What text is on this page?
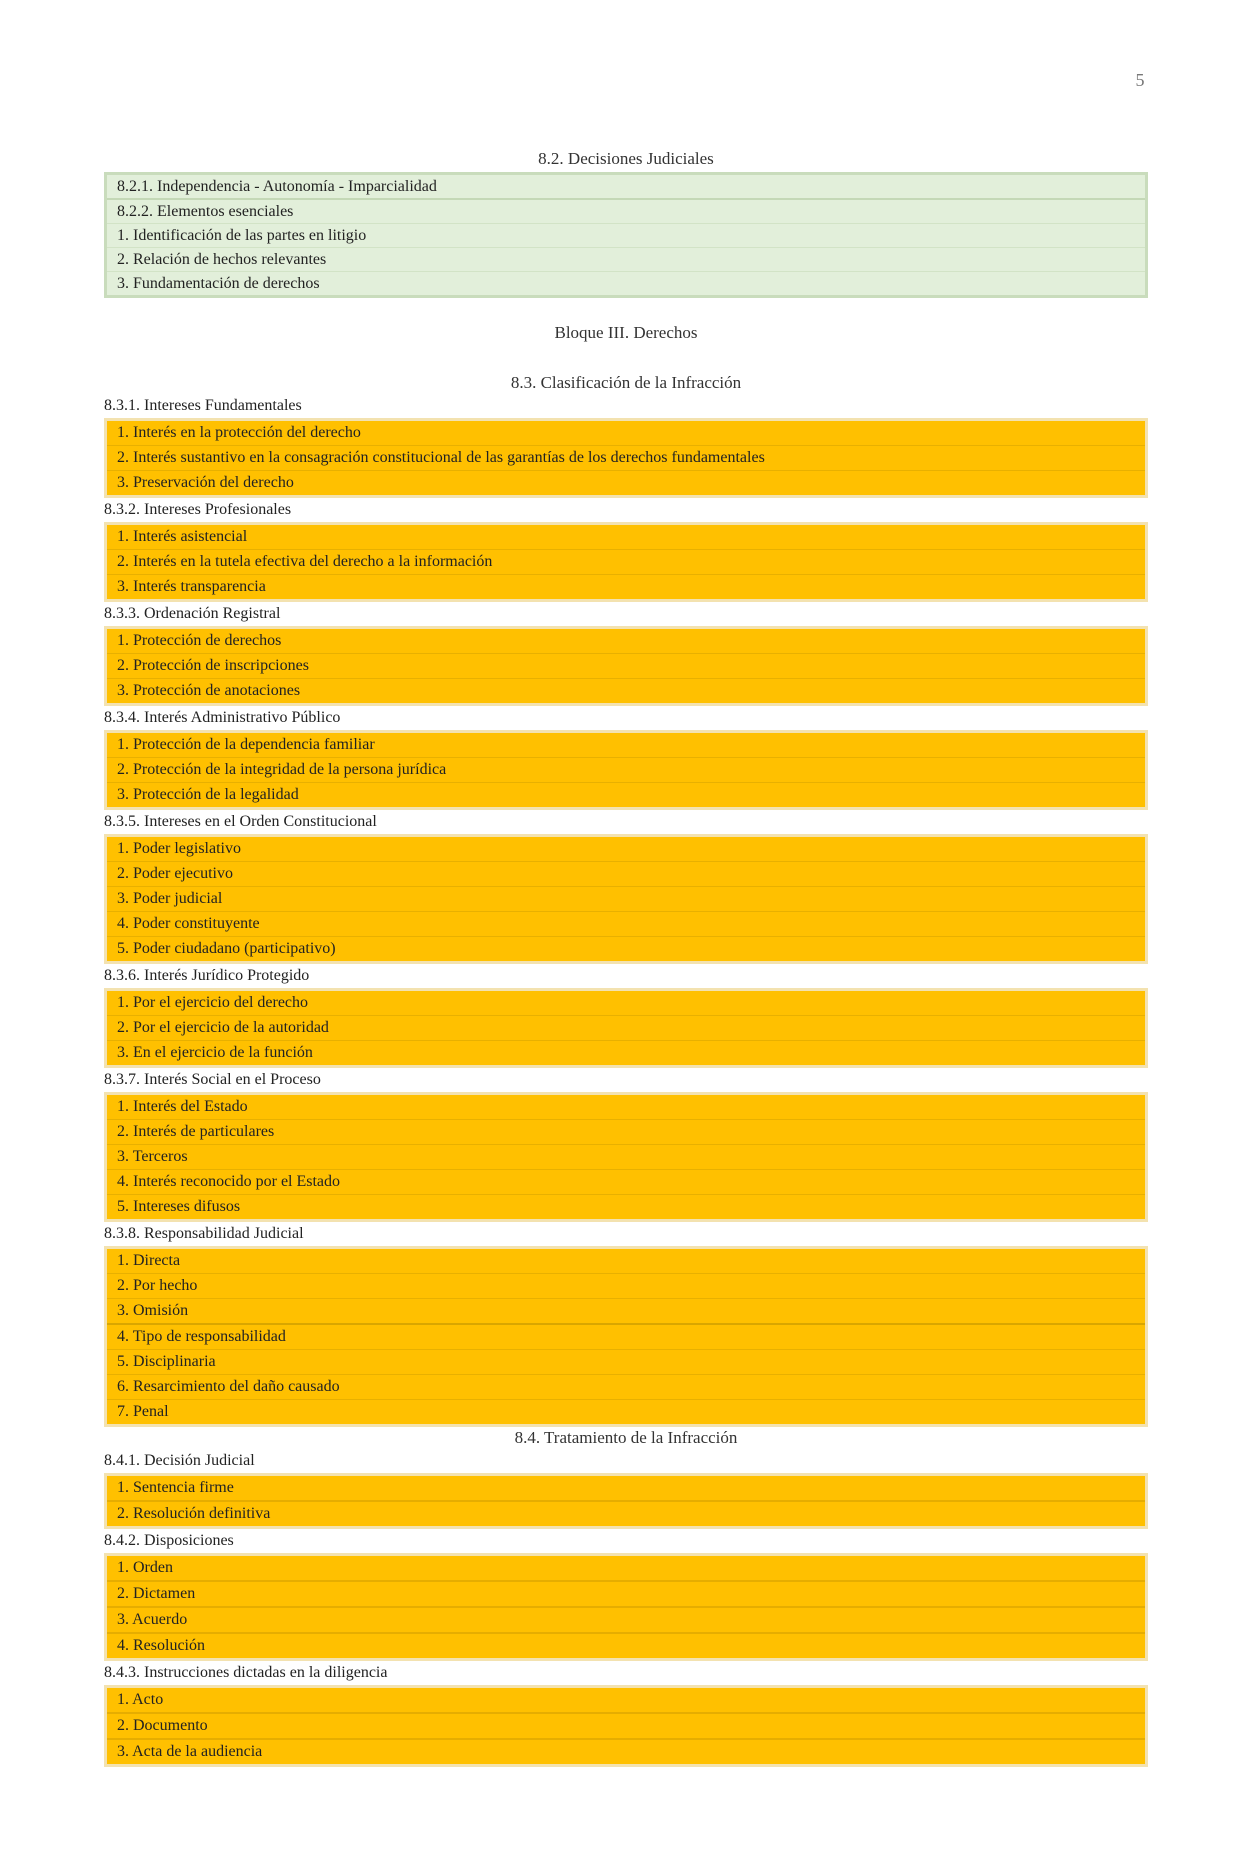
5

8.2. Decisiones Judiciales

8.2.1. Independencia - Autonomía - Imparcialidad
8.2.2. Elementos esenciales
1. Identificación de las partes en litigio
2. Relación de hechos relevantes
3. Fundamentación de derechos

Bloque III. Derechos

8.3. Clasificación de la Infracción

8.3.1. Intereses Fundamentales

1. Interés en la protección del derecho
2. Interés sustantivo en la consagración constitucional de las garantías de los derechos fundamentales
3. Preservación del derecho

8.3.2. Intereses Profesionales

1. Interés asistencial
2. Interés en la tutela efectiva del derecho a la información
3. Interés transparencia

8.3.3. Ordenación Registral

1. Protección de derechos
2. Protección de inscripciones
3. Protección de anotaciones

8.3.4. Interés Administrativo Público

1. Protección de la dependencia familiar
2. Protección de la integridad de la persona jurídica
3. Protección de la legalidad

8.3.5. Intereses en el Orden Constitucional

1. Poder legislativo
2. Poder ejecutivo
3. Poder judicial
4. Poder constituyente
5. Poder ciudadano (participativo)

8.3.6. Interés Jurídico Protegido

1. Por el ejercicio del derecho
2. Por el ejercicio de la autoridad
3. En el ejercicio de la función

8.3.7. Interés Social en el Proceso

1. Interés del Estado
2. Interés de particulares
3. Terceros
4. Interés reconocido por el Estado
5. Intereses difusos

8.3.8. Responsabilidad Judicial

1. Directa
2. Por hecho
3. Omisión
4. Tipo de responsabilidad
5. Disciplinaria
6. Resarcimiento del daño causado
7. Penal

8.4. Tratamiento de la Infracción

8.4.1. Decisión Judicial

1. Sentencia firme
2. Resolución definitiva

8.4.2. Disposiciones

1. Orden
2. Dictamen
3. Acuerdo
4. Resolución

8.4.3. Instrucciones dictadas en la diligencia

1. Acto
2. Documento
3. Acta de la audiencia
